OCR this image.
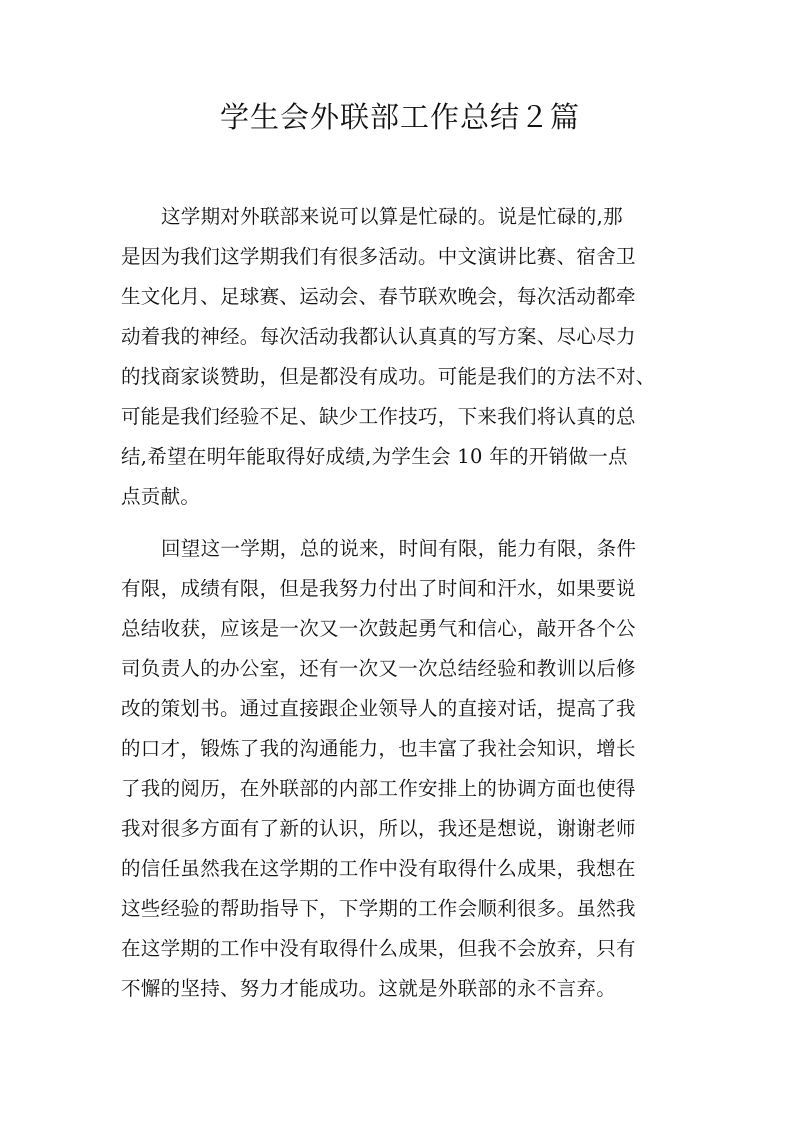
学生会外联部工作总结２篇
这学期对外联部来说可以算是忙碌的。说是忙碌的,那
是因为我们这学期我们有很多活动。中文演讲比赛、宿舍卫
生文化月、足球赛、运动会、春节联欢晚会，每次活动都牵
动着我的神经。每次活动我都认认真真的写方案、尽心尽力
的找商家谈赞助，但是都没有成功。可能是我们的方法不对、
可能是我们经验不足、缺少工作技巧，下来我们将认真的总
结,希望在明年能取得好成绩,为学生会 10 年的开销做一点
点贡献。
回望这一学期，总的说来，时间有限，能力有限，条件
有限，成绩有限，但是我努力付出了时间和汗水，如果要说
总结收获，应该是一次又一次鼓起勇气和信心，敲开各个公
司负责人的办公室，还有一次又一次总结经验和教训以后修
改的策划书。通过直接跟企业领导人的直接对话，提高了我
的口才，锻炼了我的沟通能力，也丰富了我社会知识，增长
了我的阅历，在外联部的内部工作安排上的协调方面也使得
我对很多方面有了新的认识，所以，我还是想说，谢谢老师
的信任虽然我在这学期的工作中没有取得什么成果，我想在
这些经验的帮助指导下，下学期的工作会顺利很多。虽然我
在这学期的工作中没有取得什么成果，但我不会放弃，只有
不懈的坚持、努力才能成功。这就是外联部的永不言弃。
